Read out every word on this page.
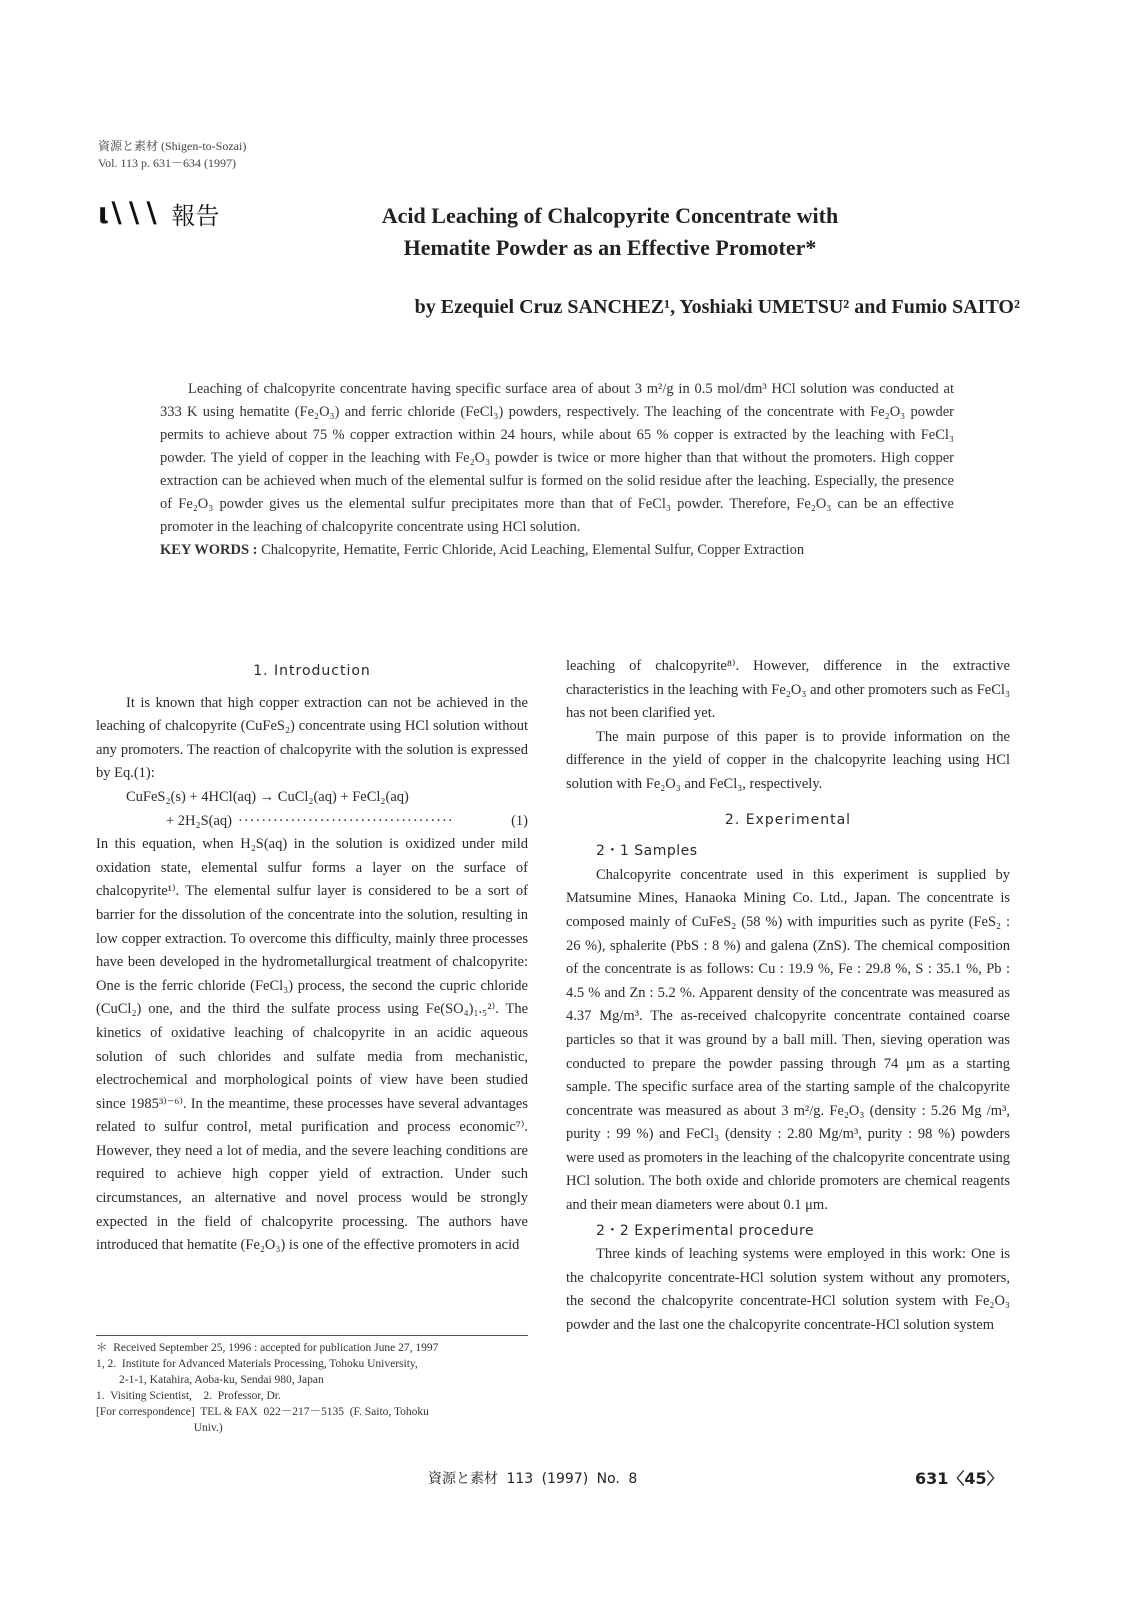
資源と素材 (Shigen-to-Sozai)
Vol. 113 p. 631－634 (1997)
ι∖∖∖ 報告	Acid Leaching of Chalcopyrite Concentrate with
Hematite Powder as an Effective Promoter*
by Ezequiel Cruz SANCHEZ¹, Yoshiaki UMETSU² and Fumio SAITO²

Leaching of chalcopyrite concentrate having specific surface area of about 3 m²/g in 0.5 mol/dm³ HCl solution was conducted at 333 K using hematite (Fe₂O₃) and ferric chloride (FeCl₃) powders, respectively. The leaching of the concentrate with Fe₂O₃ powder permits to achieve about 75 % copper extraction within 24 hours, while about 65 % copper is extracted by the leaching with FeCl₃ powder. The yield of copper in the leaching with Fe₂O₃ powder is twice or more higher than that without the promoters. High copper extraction can be achieved when much of the elemental sulfur is formed on the solid residue after the leaching. Especially, the presence of Fe₂O₃ powder gives us the elemental sulfur precipitates more than that of FeCl₃ powder. Therefore, Fe₂O₃ can be an effective promoter in the leaching of chalcopyrite concentrate using HCl solution.

KEY WORDS : Chalcopyrite, Hematite, Ferric Chloride, Acid Leaching, Elemental Sulfur, Copper Extraction
1. Introduction

It is known that high copper extraction can not be achieved in the leaching of chalcopyrite (CuFeS₂) concentrate using HCl solution without any promoters. The reaction of chalcopyrite with the solution is expressed by Eq.(1):

CuFeS₂(s) + 4HCl(aq) → CuCl₂(aq) + FeCl₂(aq)
+ 2H₂S(aq) ·····································	(1)

In this equation, when H₂S(aq) in the solution is oxidized under mild oxidation state, elemental sulfur forms a layer on the surface of chalcopyrite¹⁾. The elemental sulfur layer is considered to be a sort of barrier for the dissolution of the concentrate into the solution, resulting in low copper extraction. To overcome this difficulty, mainly three processes have been developed in the hydrometallurgical treatment of chalcopyrite: One is the ferric chloride (FeCl₃) process, the second the cupric chloride (CuCl₂) one, and the third the sulfate process using Fe(SO₄)₁.₅²⁾. The kinetics of oxidative leaching of chalcopyrite in an acidic aqueous solution of such chlorides and sulfate media from mechanistic, electrochemical and morphological points of view have been studied since 1985³⁾⁻⁶⁾. In the meantime, these processes have several advantages related to sulfur control, metal purification and process economic⁷⁾. However, they need a lot of media, and the severe leaching conditions are required to achieve high copper yield of extraction. Under such circumstances, an alternative and novel process would be strongly expected in the field of chalcopyrite processing. The authors have introduced that hematite (Fe₂O₃) is one of the effective promoters in acid

＊  Received September 25, 1996 : accepted for publication June 27, 1997
1, 2.  Institute for Advanced Materials Processing, Tohoku University,
2-1-1, Katahira, Aoba-ku, Sendai 980, Japan
1.  Visiting Scientist,    2.  Professor, Dr.
[For correspondence]  TEL & FAX  022－217－5135  (F. Saito, Tohoku
Univ.)

leaching of chalcopyrite⁸⁾. However, difference in the extractive characteristics in the leaching with Fe₂O₃ and other promoters such as FeCl₃ has not been clarified yet.

The main purpose of this paper is to provide information on the difference in the yield of copper in the chalcopyrite leaching using HCl solution with Fe₂O₃ and FeCl₃, respectively.

2. Experimental
2・1 Samples

Chalcopyrite concentrate used in this experiment is supplied by Matsumine Mines, Hanaoka Mining Co. Ltd., Japan. The concentrate is composed mainly of CuFeS₂ (58 %) with impurities such as pyrite (FeS₂ : 26 %), sphalerite (PbS : 8 %) and galena (ZnS). The chemical composition of the concentrate is as follows: Cu : 19.9 %, Fe : 29.8 %, S : 35.1 %, Pb : 4.5 % and Zn : 5.2 %. Apparent density of the concentrate was measured as 4.37 Mg/m³. The as-received chalcopyrite concentrate contained coarse particles so that it was ground by a ball mill. Then, sieving operation was conducted to prepare the powder passing through 74 μm as a starting sample. The specific surface area of the starting sample of the chalcopyrite concentrate was measured as about 3 m²/g. Fe₂O₃ (density : 5.26 Mg /m³, purity : 99 %) and FeCl₃ (density : 2.80 Mg/m³, purity : 98 %) powders were used as promoters in the leaching of the chalcopyrite concentrate using HCl solution. The both oxide and chloride promoters are chemical reagents and their mean diameters were about 0.1 μm.

2・2 Experimental procedure

Three kinds of leaching systems were employed in this work: One is the chalcopyrite concentrate-HCl solution system without any promoters, the second the chalcopyrite concentrate-HCl solution system with Fe₂O₃ powder and the last one the chalcopyrite concentrate-HCl solution system

資源と素材 113 (1997) No. 8	631〈45〉
